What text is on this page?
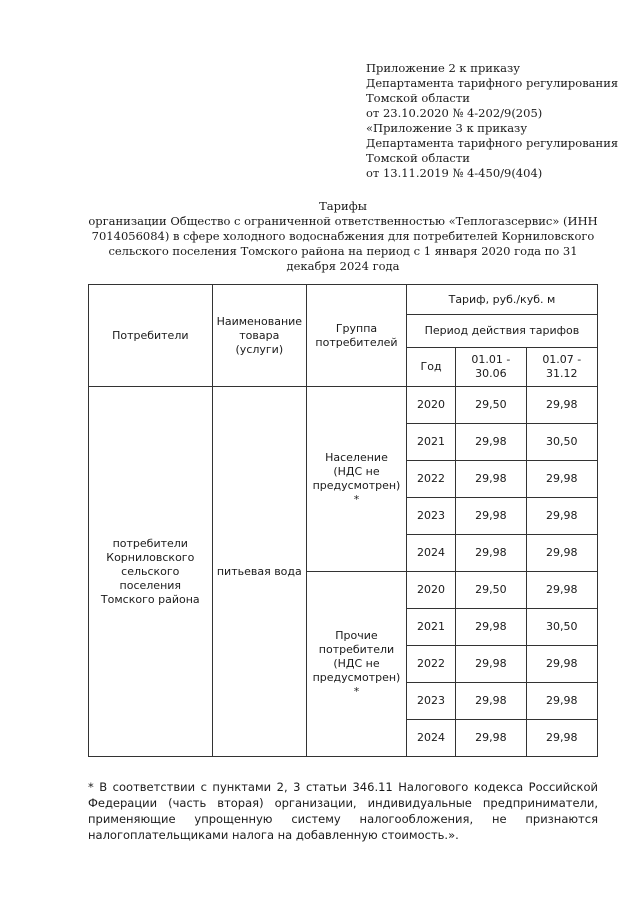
Приложение 2 к приказу
Департамента тарифного регулирования
Томской области
от 23.10.2020 № 4-202/9(205)
«Приложение 3 к приказу
Департамента тарифного регулирования
Томской области
от 13.11.2019 № 4-450/9(404)
Тарифы
организации Общество с ограниченной ответственностью «Теплогазсервис» (ИНН 7014056084) в сфере холодного водоснабжения для потребителей Корниловского сельского поселения Томского района на период с 1 января 2020 года по 31 декабря 2024 года
Потребители	Наименование товара (услуги)	Группа потребителей	Тариф, руб./куб. м		
			Период действия тарифов		
			Год	01.01 - 30.06	01.07 - 31.12
потребители Корниловского сельского поселения Томского района	питьевая вода	Население (НДС не предусмотрен) *	2020	29,50	29,98
			2021	29,98	30,50
			2022	29,98	29,98
			2023	29,98	29,98
			2024	29,98	29,98
		Прочие потребители (НДС не предусмотрен) *	2020	29,50	29,98
			2021	29,98	30,50
			2022	29,98	29,98
			2023	29,98	29,98
			2024	29,98	29,98
* В соответствии с пунктами 2, 3 статьи 346.11 Налогового кодекса Российской Федерации (часть вторая) организации, индивидуальные предприниматели, применяющие упрощенную систему налогообложения, не признаются налогоплательщиками налога на добавленную стоимость.».
